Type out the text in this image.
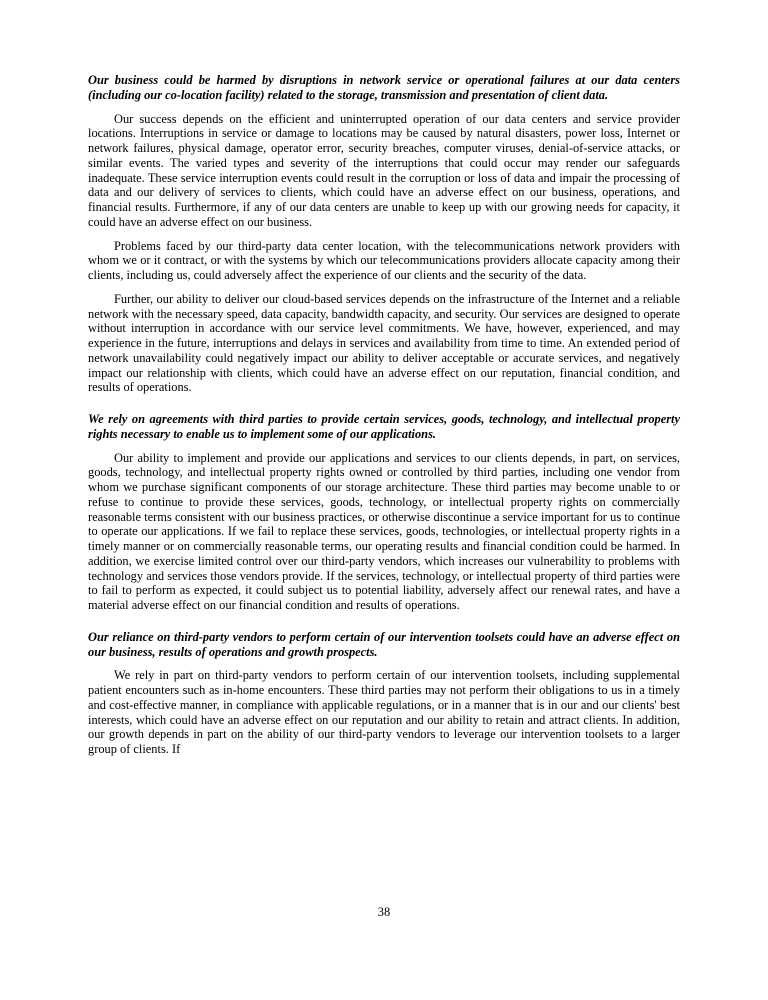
Our business could be harmed by disruptions in network service or operational failures at our data centers (including our co-location facility) related to the storage, transmission and presentation of client data.

Our success depends on the efficient and uninterrupted operation of our data centers and service provider locations. Interruptions in service or damage to locations may be caused by natural disasters, power loss, Internet or network failures, physical damage, operator error, security breaches, computer viruses, denial-of-service attacks, or similar events. The varied types and severity of the interruptions that could occur may render our safeguards inadequate. These service interruption events could result in the corruption or loss of data and impair the processing of data and our delivery of services to clients, which could have an adverse effect on our business, operations, and financial results. Furthermore, if any of our data centers are unable to keep up with our growing needs for capacity, it could have an adverse effect on our business.

Problems faced by our third-party data center location, with the telecommunications network providers with whom we or it contract, or with the systems by which our telecommunications providers allocate capacity among their clients, including us, could adversely affect the experience of our clients and the security of the data.

Further, our ability to deliver our cloud-based services depends on the infrastructure of the Internet and a reliable network with the necessary speed, data capacity, bandwidth capacity, and security. Our services are designed to operate without interruption in accordance with our service level commitments. We have, however, experienced, and may experience in the future, interruptions and delays in services and availability from time to time. An extended period of network unavailability could negatively impact our ability to deliver acceptable or accurate services, and negatively impact our relationship with clients, which could have an adverse effect on our reputation, financial condition, and results of operations.

We rely on agreements with third parties to provide certain services, goods, technology, and intellectual property rights necessary to enable us to implement some of our applications.

Our ability to implement and provide our applications and services to our clients depends, in part, on services, goods, technology, and intellectual property rights owned or controlled by third parties, including one vendor from whom we purchase significant components of our storage architecture. These third parties may become unable to or refuse to continue to provide these services, goods, technology, or intellectual property rights on commercially reasonable terms consistent with our business practices, or otherwise discontinue a service important for us to continue to operate our applications. If we fail to replace these services, goods, technologies, or intellectual property rights in a timely manner or on commercially reasonable terms, our operating results and financial condition could be harmed. In addition, we exercise limited control over our third-party vendors, which increases our vulnerability to problems with technology and services those vendors provide. If the services, technology, or intellectual property of third parties were to fail to perform as expected, it could subject us to potential liability, adversely affect our renewal rates, and have a material adverse effect on our financial condition and results of operations.

Our reliance on third-party vendors to perform certain of our intervention toolsets could have an adverse effect on our business, results of operations and growth prospects.

We rely in part on third-party vendors to perform certain of our intervention toolsets, including supplemental patient encounters such as in-home encounters. These third parties may not perform their obligations to us in a timely and cost-effective manner, in compliance with applicable regulations, or in a manner that is in our and our clients' best interests, which could have an adverse effect on our reputation and our ability to retain and attract clients. In addition, our growth depends in part on the ability of our third-party vendors to leverage our intervention toolsets to a larger group of clients. If

38
